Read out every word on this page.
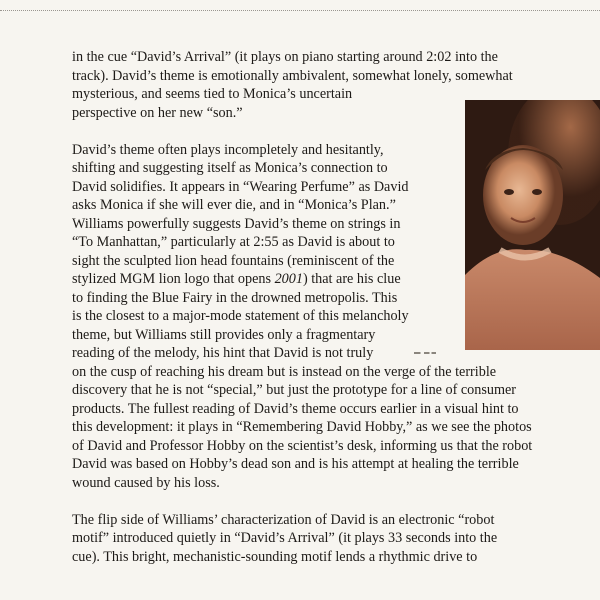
in the cue “David’s Arrival” (it plays on piano starting around 2:02 into the
track). David’s theme is emotionally ambivalent, somewhat lonely, somewhat
mysterious, and seems tied to Monica’s uncertain
perspective on her new “son.”
David’s theme often plays incompletely and hesitantly,
shifting and suggesting itself as Monica’s connection to
David solidifies. It appears in “Wearing Perfume” as David
asks Monica if she will ever die, and in “Monica’s Plan.”
Williams powerfully suggests David’s theme on strings in
“To Manhattan,” particularly at 2:55 as David is about to
sight the sculpted lion head fountains (reminiscent of the
stylized MGM lion logo that opens 2001) that are his clue
to finding the Blue Fairy in the drowned metropolis. This
is the closest to a major-mode statement of this melancholy
theme, but Williams still provides only a fragmentary
reading of the melody, his hint that David is not truly
on the cusp of reaching his dream but is instead on the verge of the terrible
discovery that he is not “special,” but just the prototype for a line of consumer
products. The fullest reading of David’s theme occurs earlier in a visual hint to
this development: it plays in “Remembering David Hobby,” as we see the photos
of David and Professor Hobby on the scientist’s desk, informing us that the robot
David was based on Hobby’s dead son and is his attempt at healing the terrible
wound caused by his loss.
The flip side of Williams’ characterization of David is an electronic “robot
motif” introduced quietly in “David’s Arrival” (it plays 33 seconds into the
cue). This bright, mechanistic-sounding motif lends a rhythmic drive to
